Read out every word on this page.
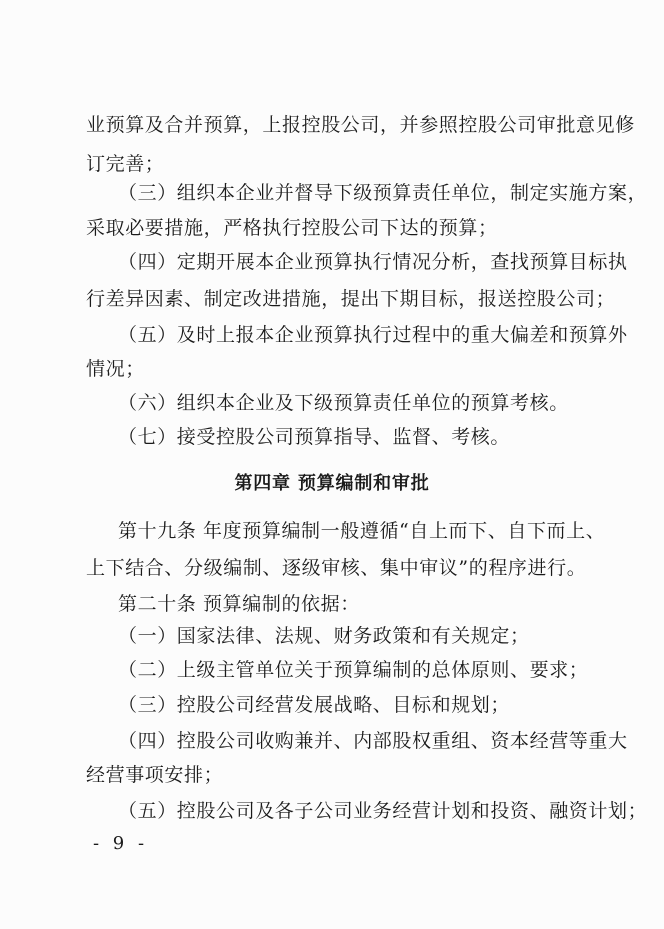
业预算及合并预算，上报控股公司，并参照控股公司审批意见修
订完善；
（三）组织本企业并督导下级预算责任单位，制定实施方案，
采取必要措施，严格执行控股公司下达的预算；
（四）定期开展本企业预算执行情况分析，查找预算目标执
行差异因素、制定改进措施，提出下期目标，报送控股公司；
（五）及时上报本企业预算执行过程中的重大偏差和预算外
情况；
（六）组织本企业及下级预算责任单位的预算考核。
（七）接受控股公司预算指导、监督、考核。
第四章 预算编制和审批
第十九条 年度预算编制一般遵循“自上而下、自下而上、
上下结合、分级编制、逐级审核、集中审议”的程序进行。
第二十条 预算编制的依据：
（一）国家法律、法规、财务政策和有关规定；
（二）上级主管单位关于预算编制的总体原则、要求；
（三）控股公司经营发展战略、目标和规划；
（四）控股公司收购兼并、内部股权重组、资本经营等重大
经营事项安排；
（五）控股公司及各子公司业务经营计划和投资、融资计划；
- 9 -
